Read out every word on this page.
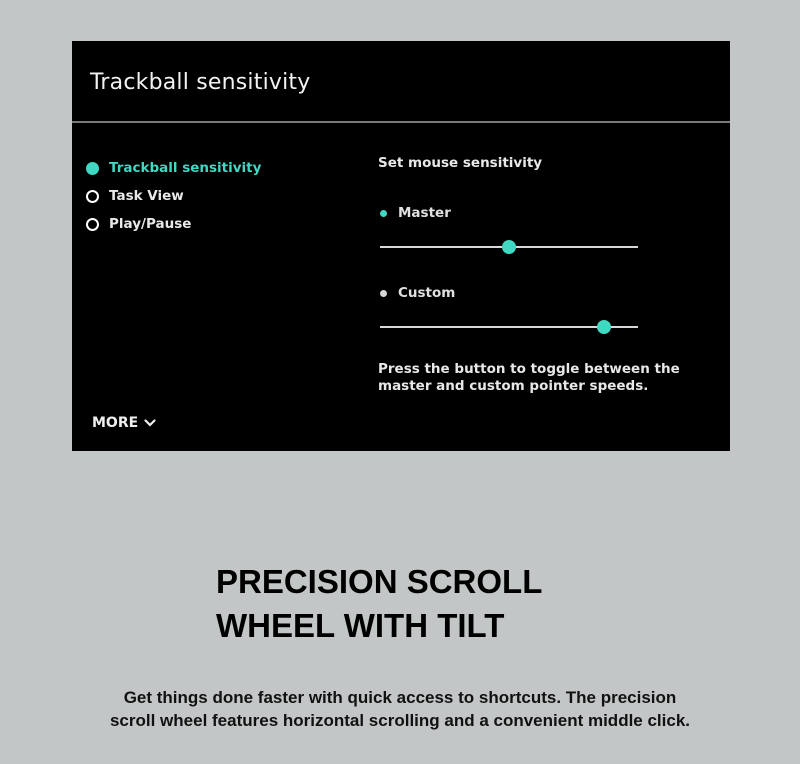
Trackball sensitivity
Trackball sensitivity
Task View
Play/Pause
MORE
Set mouse sensitivity
Master
Custom
Press the button to toggle between the
master and custom pointer speeds.
PRECISION SCROLL
WHEEL WITH TILT
Get things done faster with quick access to shortcuts. The precision
scroll wheel features horizontal scrolling and a convenient middle click.
